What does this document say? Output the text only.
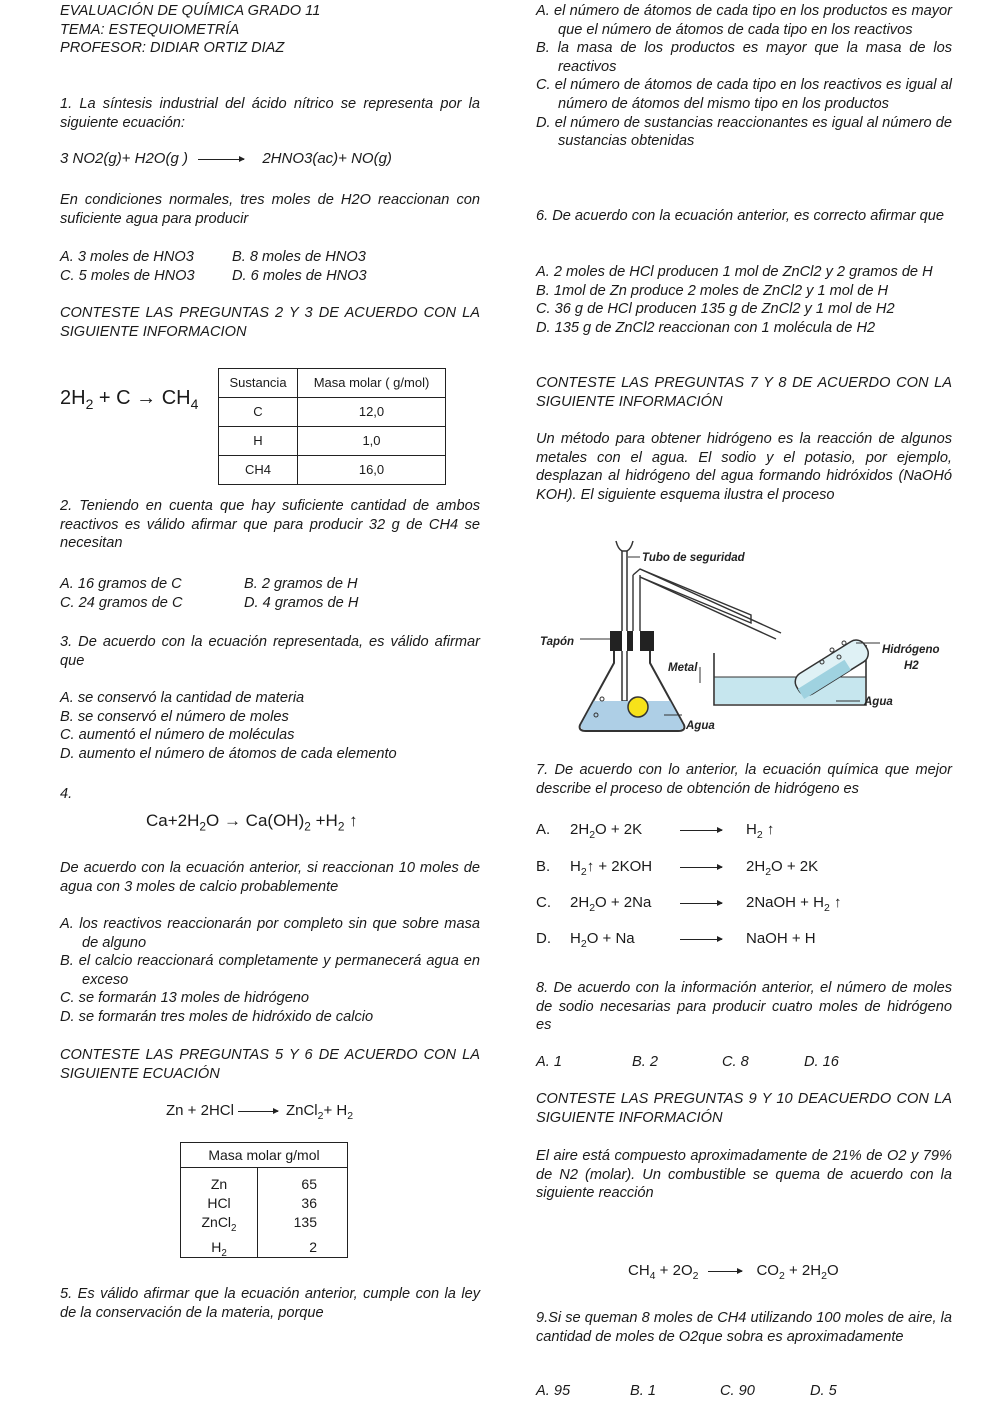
EVALUACIÓN DE QUÍMICA GRADO 11
TEMA: ESTEQUIOMETRÍA
PROFESOR: DIDIAR ORTIZ DIAZ
1. La síntesis industrial del ácido nítrico se representa por la siguiente ecuación:
3 NO2(g)+ H2O(g ) → 2HNO3(ac)+ NO(g)
En condiciones normales, tres moles de H2O reaccionan con suficiente agua para producir
A. 3 moles de HNO3	B. 8 moles de HNO3
C. 5 moles de HNO3	D. 6 moles de HNO3
CONTESTE LAS PREGUNTAS 2 Y 3 DE ACUERDO CON LA SIGUIENTE INFORMACION
$2H_2 + C \to CH_4$
Sustancia	Masa molar ( g/mol)
C	12,0
H	1,0
CH4	16,0
2. Teniendo en cuenta que hay suficiente cantidad de ambos reactivos es válido afirmar que para producir 32 g de CH4 se necesitan
A. 16 gramos de C	B. 2 gramos de H
C. 24 gramos de C	D. 4 gramos de H
3. De acuerdo con la ecuación representada, es válido afirmar que
A. se conservó la cantidad de materia
B. se conservó el número de moles
C. aumentó el número de moléculas
D. aumento el número de átomos de cada elemento
4.
$Ca+2H_2O \to Ca(OH)_2 +H_2$ ↑
De acuerdo con la ecuación anterior, si reaccionan 10 moles de agua con 3 moles de calcio probablemente
A. los reactivos reaccionarán por completo sin que sobre masa de alguno
B. el calcio reaccionará completamente y permanecerá agua en exceso
C. se formarán 13 moles de hidrógeno
D. se formarán tres moles de hidróxido de calcio
CONTESTE LAS PREGUNTAS 5 Y 6 DE ACUERDO CON LA SIGUIENTE ECUACIÓN
Zn + 2HCl → ZnCl$_2$+ $H_2$
Masa molar g/mol
Zn	65
HCl	36
ZnCl$_2$	135
$H_2$	2
5. Es válido afirmar que la ecuación anterior, cumple con la ley de la conservación de la materia, porque
A. el número de átomos de cada tipo en los productos es mayor que el número de átomos de cada tipo en los reactivos
B. la masa de los productos es mayor que la masa de los reactivos
C. el número de átomos de cada tipo en los reactivos es igual al número de átomos del mismo tipo en los productos
D. el número de sustancias reaccionantes es igual al número de sustancias obtenidas
6. De acuerdo con la ecuación anterior, es correcto afirmar que
A. 2 moles de HCl producen 1 mol de ZnCl2 y 2 gramos de H
B. 1mol de Zn produce 2 moles de ZnCl2 y 1 mol de H
C. 36 g de HCl producen 135 g de ZnCl2 y 1 mol de H2
D. 135 g de ZnCl2 reaccionan con 1 molécula de H2
CONTESTE LAS PREGUNTAS 7 Y 8 DE ACUERDO CON LA SIGUIENTE INFORMACIÓN
Un método para obtener hidrógeno es la reacción de algunos metales con el agua. El sodio y el potasio, por ejemplo, desplazan al hidrógeno del agua formando hidróxidos (NaOHó KOH). El siguiente esquema ilustra el proceso
Tubo de seguridad
Tapón
Metal
Agua
Agua
Hidrógeno
H2
7. De acuerdo con lo anterior, la ecuación química que mejor describe el proceso de obtención de hidrógeno es
A. $2H_2O + 2K$	$H_2$ ↑
B. $H_2↑ + 2KOH$	$2H_2O + 2K$
C. $2H_2O + 2Na$	2NaOH + $H_2$ ↑
D. $H_2O + Na$	NaOH + H
8. De acuerdo con la información anterior, el número de moles de sodio necesarias para producir cuatro moles de hidrógeno es
A. 1	B. 2	C. 8	D. 16
CONTESTE LAS PREGUNTAS 9 Y 10 DEACUERDO CON LA SIGUIENTE INFORMACIÓN
El aire está compuesto aproximadamente de 21% de O2 y 79% de N2 (molar). Un combustible se quema de acuerdo con la siguiente reacción
$CH_4 + 2O_2 \to CO_2 + 2H_2O$
9.Si se queman 8 moles de CH4 utilizando 100 moles de aire, la cantidad de moles de O2que sobra es aproximadamente
A. 95	B. 1	C. 90	D. 5
